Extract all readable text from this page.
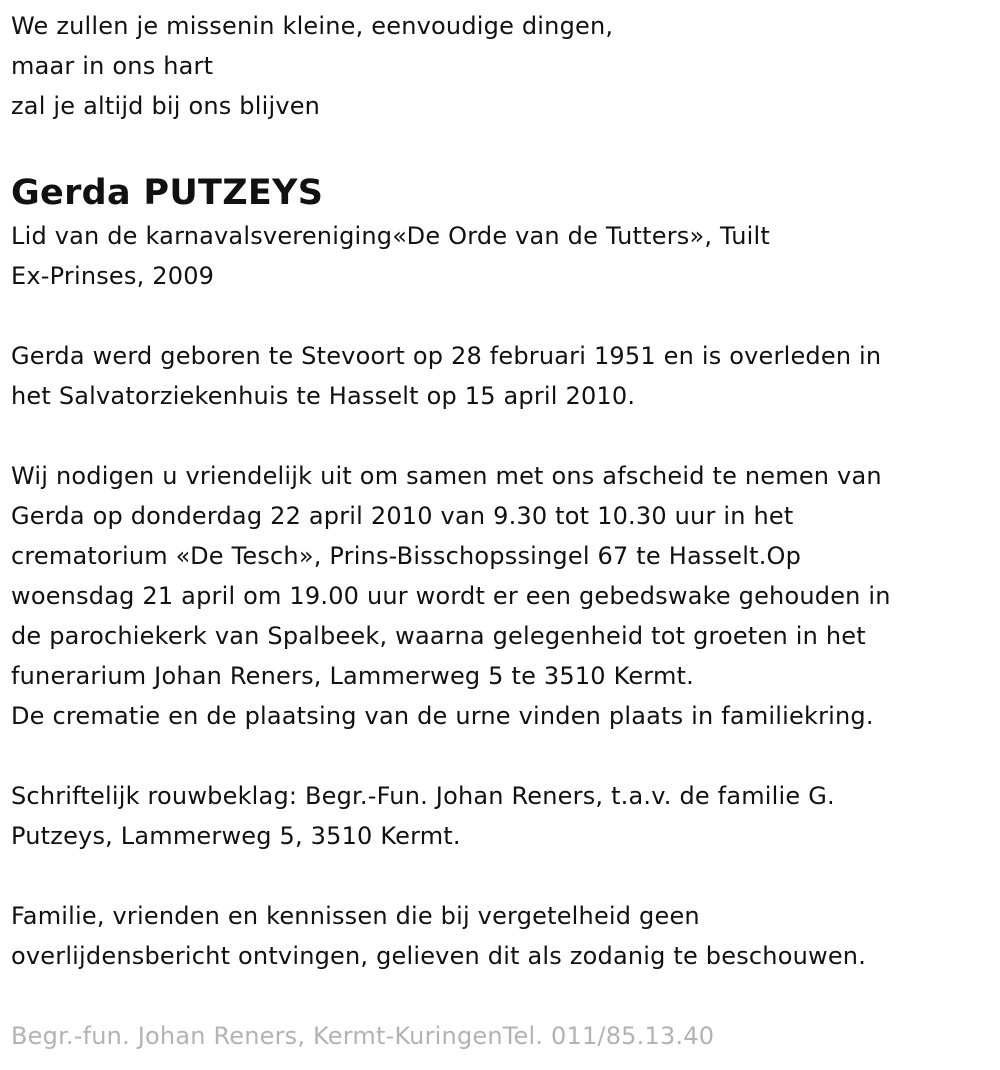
We zullen je missenin kleine, eenvoudige dingen,
maar in ons hart
zal je altijd bij ons blijven
Gerda PUTZEYS
Lid van de karnavalsvereniging«De Orde van de Tutters», Tuilt
Ex-Prinses, 2009
Gerda werd geboren te Stevoort op 28 februari 1951 en is overleden in
het Salvatorziekenhuis te Hasselt op 15 april 2010.
Wij nodigen u vriendelijk uit om samen met ons afscheid te nemen van
Gerda op donderdag 22 april 2010 van 9.30 tot 10.30 uur in het
crematorium «De Tesch», Prins-Bisschopssingel 67 te Hasselt.Op
woensdag 21 april om 19.00 uur wordt er een gebedswake gehouden in
de parochiekerk van Spalbeek, waarna gelegenheid tot groeten in het
funerarium Johan Reners, Lammerweg 5 te 3510 Kermt.
De crematie en de plaatsing van de urne vinden plaats in familiekring.
Schriftelijk rouwbeklag: Begr.-Fun. Johan Reners, t.a.v. de familie G.
Putzeys, Lammerweg 5, 3510 Kermt.
Familie, vrienden en kennissen die bij vergetelheid geen
overlijdensbericht ontvingen, gelieven dit als zodanig te beschouwen.
Begr.-fun. Johan Reners, Kermt-KuringenTel. 011/85.13.40
